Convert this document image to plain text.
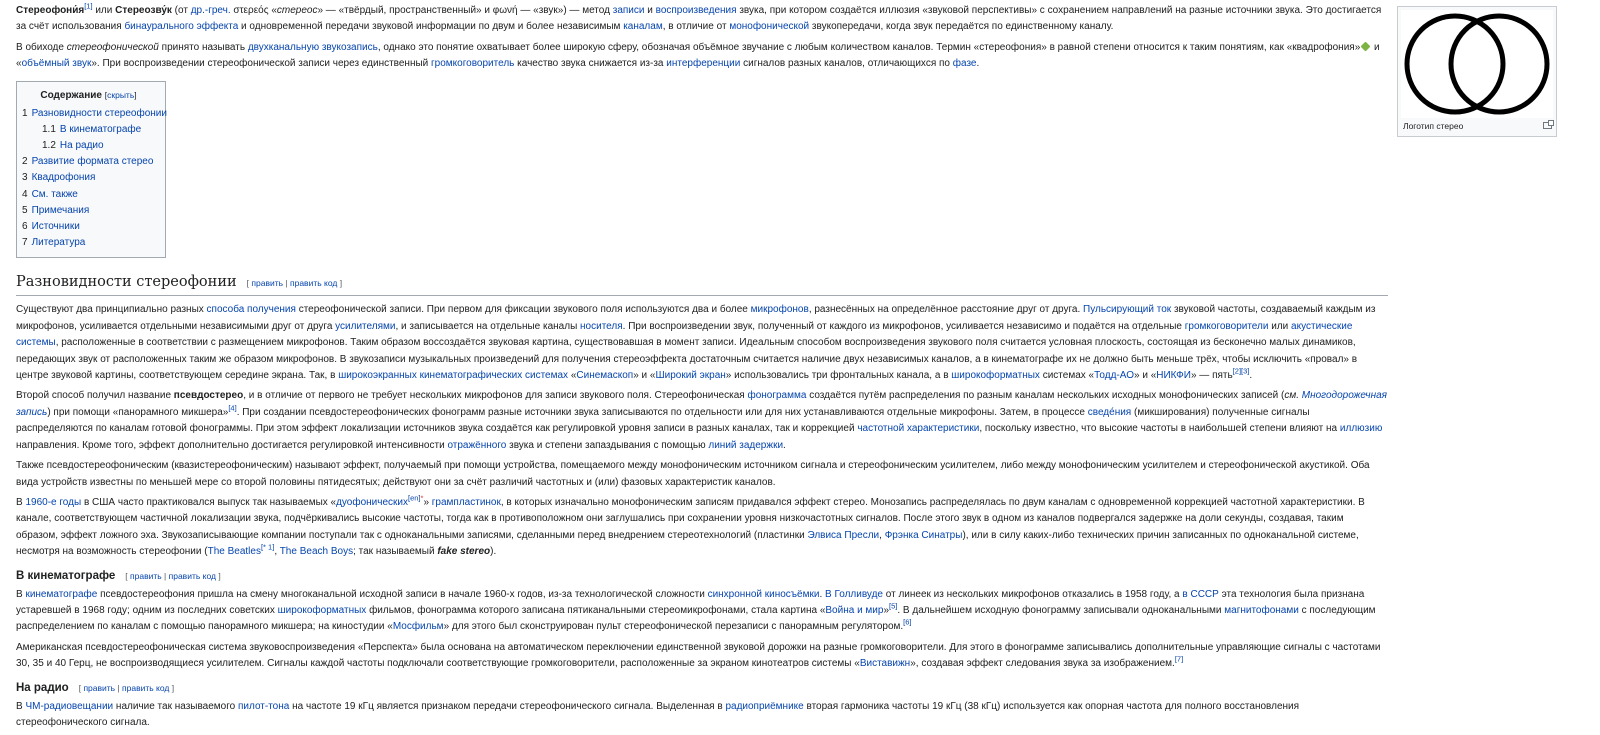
Логотип стерео

Стереофони́я[1] или Стереозву́к (от др.-греч. στερεός «стереос» — «твёрдый, пространственный» и φωνή — «звук») — метод записи и воспроизведения звука, при котором создаётся иллюзия «звуковой перспективы» с сохранением направлений на разные источники звука. Это достигается за счёт использования бинаурального эффекта и одновременной передачи звуковой информации по двум и более независимым каналам, в отличие от монофонической звукопередачи, когда звук передаётся по единственному каналу.

В обиходе стереофонической принято называть двухканальную звукозапись, однако это понятие охватывает более широкую сферу, обозначая объёмное звучание с любым количеством каналов. Термин «стереофония» в равной степени относится к таким понятиям, как «квадрофония» и «объёмный звук». При воспроизведении стереофонической записи через единственный громкоговоритель качество звука снижается из-за интерференции сигналов разных каналов, отличающихся по фазе.

Содержание [скрыть]
1 Разновидности стереофонии
1.1 В кинематографе
1.2 На радио
2 Развитие формата стерео
3 Квадрофония
4 См. также
5 Примечания
6 Источники
7 Литература
Разновидности стереофонии [ править | править код ]

Существуют два принципиально разных способа получения стереофонической записи. При первом для фиксации звукового поля используются два и более микрофонов, разнесённых на определённое расстояние друг от друга. Пульсирующий ток звуковой частоты, создаваемый каждым из микрофонов, усиливается отдельными независимыми друг от друга усилителями, и записывается на отдельные каналы носителя. При воспроизведении звук, полученный от каждого из микрофонов, усиливается независимо и подаётся на отдельные громкоговорители или акустические системы, расположенные в соответствии с размещением микрофонов. Таким образом воссоздаётся звуковая картина, существовавшая в момент записи. Идеальным способом воспроизведения звукового поля считается условная плоскость, состоящая из бесконечно малых динамиков, передающих звук от расположенных таким же образом микрофонов. В звукозаписи музыкальных произведений для получения стереоэффекта достаточным считается наличие двух независимых каналов, а в кинематографе их не должно быть меньше трёх, чтобы исключить «провал» в центре звуковой картины, соответствующем середине экрана. Так, в широкоэкранных кинематографических системах «Синемаскоп» и «Широкий экран» использовались три фронтальных канала, а в широкоформатных системах «Тодд-АО» и «НИКФИ» — пять[2][3].

Второй способ получил название псевдостерео, и в отличие от первого не требует нескольких микрофонов для записи звукового поля. Стереофоническая фонограмма создаётся путём распределения по разным каналам нескольких исходных монофонических записей (см. Многодорожечная запись) при помощи «панорамного микшера»[4]. При создании псевдостереофонических фонограмм разные источники звука записываются по отдельности или для них устанавливаются отдельные микрофоны. Затем, в процессе сведе́ния (микширования) полученные сигналы распределяются по каналам готовой фонограммы. При этом эффект локализации источников звука создаётся как регулировкой уровня записи в разных каналах, так и коррекцией частотной характеристики, поскольку известно, что высокие частоты в наибольшей степени влияют на иллюзию направления. Кроме того, эффект дополнительно достигается регулировкой интенсивности отражённого звука и степени запаздывания с помощью линий задержки.

Также псевдостереофоническим (квазистереофоническим) называют эффект, получаемый при помощи устройства, помещаемого между монофоническим источником сигнала и стереофоническим усилителем, либо между монофоническим усилителем и стереофонической акустикой. Оба вида устройств известны по меньшей мере со второй половины пятидесятых; действуют они за счёт различий частотных и (или) фазовых характеристик каналов.

В 1960-е годы в США часто практиковался выпуск так называемых «дуофонических$^{[en]*}$» грампластинок, в которых изначально монофоническим записям придавался эффект стерео. Монозапись распределялась по двум каналам с одновременной коррекцией частотной характеристики. В канале, соответствующем частичной локализации звука, подчёркивались высокие частоты, тогда как в противоположном они заглушались при сохранении уровня низкочастотных сигналов. После этого звук в одном из каналов подвергался задержке на доли секунды, создавая, таким образом, эффект ложного эха. Звукозаписывающие компании поступали так с одноканальными записями, сделанными перед внедрением стереотехнологий (пластинки Элвиса Пресли, Фрэнка Синатры), или в силу каких-либо технических причин записанных по одноканальной системе, несмотря на возможность стереофонии (The Beatles[* 1], The Beach Boys; так называемый fake stereo).

В кинематографе [ править | править код ]

В кинематографе псевдостереофония пришла на смену многоканальной исходной записи в начале 1960-х годов, из-за технологической сложности синхронной киносъёмки. В Голливуде от линеек из нескольких микрофонов отказались в 1958 году, а в СССР эта технология была признана устаревшей в 1968 году; одним из последних советских широкоформатных фильмов, фонограмма которого записана пятиканальными стереомикрофонами, стала картина «Война и мир»[5]. В дальнейшем исходную фонограмму записывали одноканальными магнитофонами с последующим распределением по каналам с помощью панорамного микшера; на киностудии «Мосфильм» для этого был сконструирован пульт стереофонической перезаписи с панорамным регулятором.[6]

Американская псевдостереофоническая система звуковоспроизведения «Перспекта» была основана на автоматическом переключении единственной звуковой дорожки на разные громкоговорители. Для этого в фонограмме записывались дополнительные управляющие сигналы с частотами 30, 35 и 40 Герц, не воспроизводящиеся усилителем. Сигналы каждой частоты подключали соответствующие громкоговорители, расположенные за экраном кинотеатров системы «Виставижн», создавая эффект следования звука за изображением.[7]

На радио [ править | править код ]

В ЧМ-радиовещании наличие так называемого пилот-тона на частоте 19 кГц является признаком передачи стереофонического сигнала. Выделенная в радиоприёмнике вторая гармоника частоты 19 кГц (38 кГц) используется как опорная частота для полного восстановления стереофонического сигнала.
